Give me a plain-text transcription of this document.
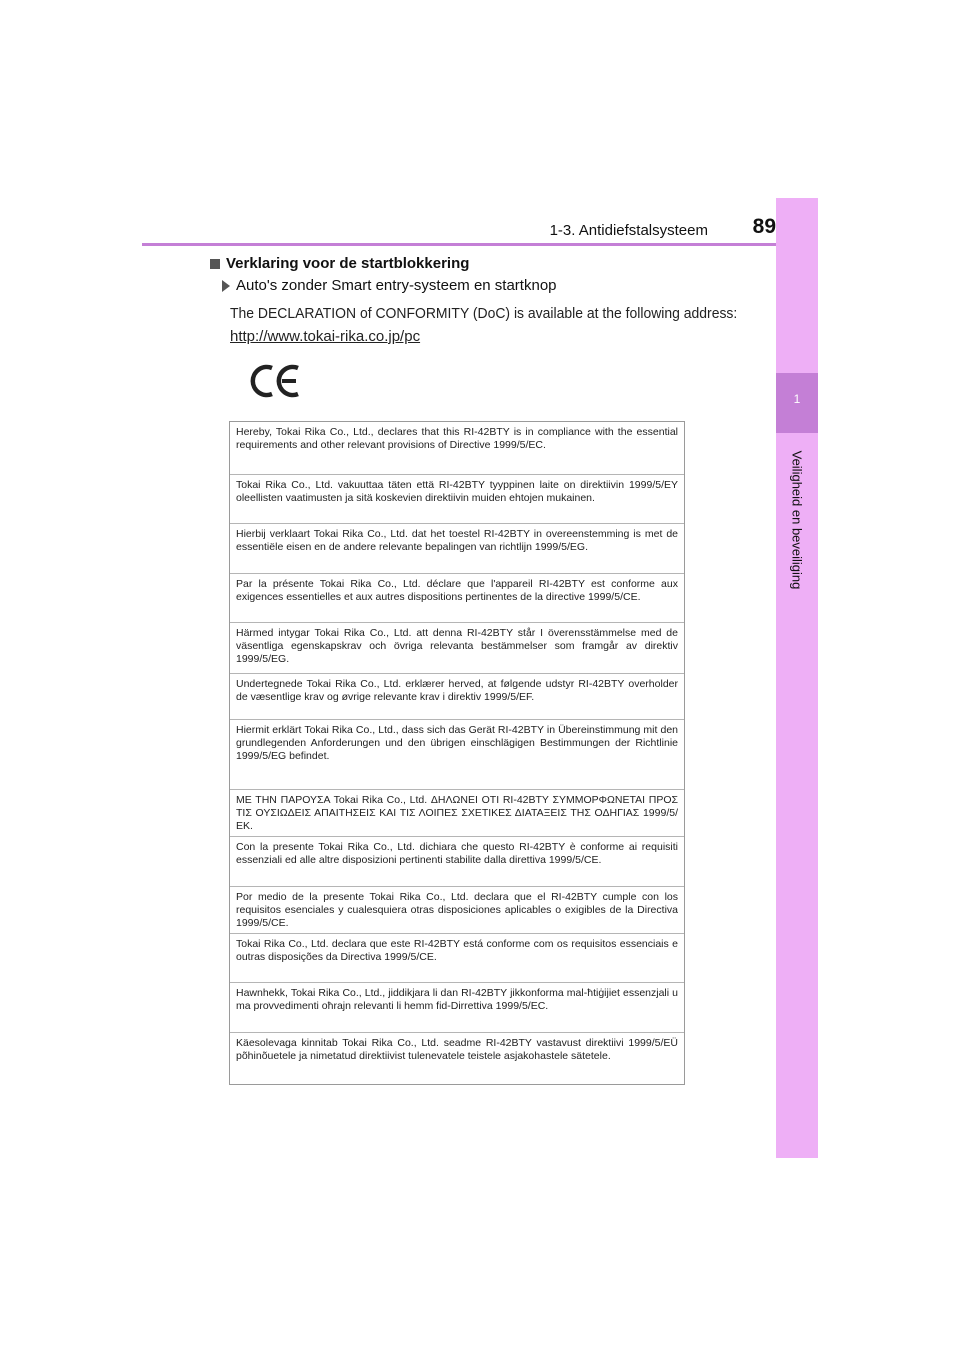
1-3. Antidiefstalsysteem	89
1
Veiligheid en beveiliging
Verklaring voor de startblokkering
Auto's zonder Smart entry-systeem en startknop
The DECLARATION of CONFORMITY (DoC) is available at the following address:
http://www.tokai-rika.co.jp/pc
Hereby, Tokai Rika Co., Ltd., declares that this RI-42BTY is in compliance with the essential requirements and other relevant provisions of Directive 1999/5/EC.
Tokai Rika Co., Ltd. vakuuttaa täten että RI-42BTY tyyppinen laite on direktiivin 1999/5/EY oleellisten vaatimusten ja sitä koskevien direktiivin muiden ehtojen mukainen.
Hierbij verklaart Tokai Rika Co., Ltd. dat het toestel RI-42BTY in overeenstemming is met de essentiële eisen en de andere relevante bepalingen van richtlijn 1999/5/EG.
Par la présente Tokai Rika Co., Ltd. déclare que l'appareil RI-42BTY est conforme aux exigences essentielles et aux autres dispositions pertinentes de la directive 1999/5/CE.
Härmed intygar Tokai Rika Co., Ltd. att denna RI-42BTY står I överensstämmelse med de väsentliga egenskapskrav och övriga relevanta bestämmelser som framgår av direktiv 1999/5/EG.
Undertegnede Tokai Rika Co., Ltd. erklærer herved, at følgende udstyr RI-42BTY overholder de væsentlige krav og øvrige relevante krav i direktiv 1999/5/EF.
Hiermit erklärt Tokai Rika Co., Ltd., dass sich das Gerät RI-42BTY in Übereinstimmung mit den grundlegenden Anforderungen und den übrigen einschlägigen Bestimmungen der Richtlinie 1999/5/EG befindet.
ΜΕ ΤΗΝ ΠΑΡΟΥΣΑ Tokai Rika Co., Ltd. ΔΗΛΩΝΕΙ ΟΤΙ RI-42BTY ΣΥΜΜΟΡΦΩΝΕΤΑΙ ΠΡΟΣ ΤΙΣ ΟΥΣΙΩΔΕΙΣ ΑΠΑΙΤΗΣΕΙΣ ΚΑΙ ΤΙΣ ΛΟΙΠΕΣ ΣΧΕΤΙΚΕΣ ΔΙΑΤΑΞΕΙΣ ΤΗΣ ΟΔΗΓΙΑΣ 1999/5/ΕΚ.
Con la presente Tokai Rika Co., Ltd. dichiara che questo RI-42BTY è conforme ai requisiti essenziali ed alle altre disposizioni pertinenti stabilite dalla direttiva 1999/5/CE.
Por medio de la presente Tokai Rika Co., Ltd. declara que el RI-42BTY cumple con los requisitos esenciales y cualesquiera otras disposiciones aplicables o exigibles de la Directiva 1999/5/CE.
Tokai Rika Co., Ltd. declara que este RI-42BTY está conforme com os requisitos essenciais e outras disposições da Directiva 1999/5/CE.
Hawnhekk, Tokai Rika Co., Ltd., jiddikjara li dan RI-42BTY jikkonforma mal-ħtiġijiet essenzjali u ma provvedimenti oħrajn relevanti li hemm fid-Dirrettiva 1999/5/EC.
Käesolevaga kinnitab Tokai Rika Co., Ltd. seadme RI-42BTY vastavust direktiivi 1999/5/EÜ põhinõuetele ja nimetatud direktiivist tulenevatele teistele asjakohastele sätetele.
